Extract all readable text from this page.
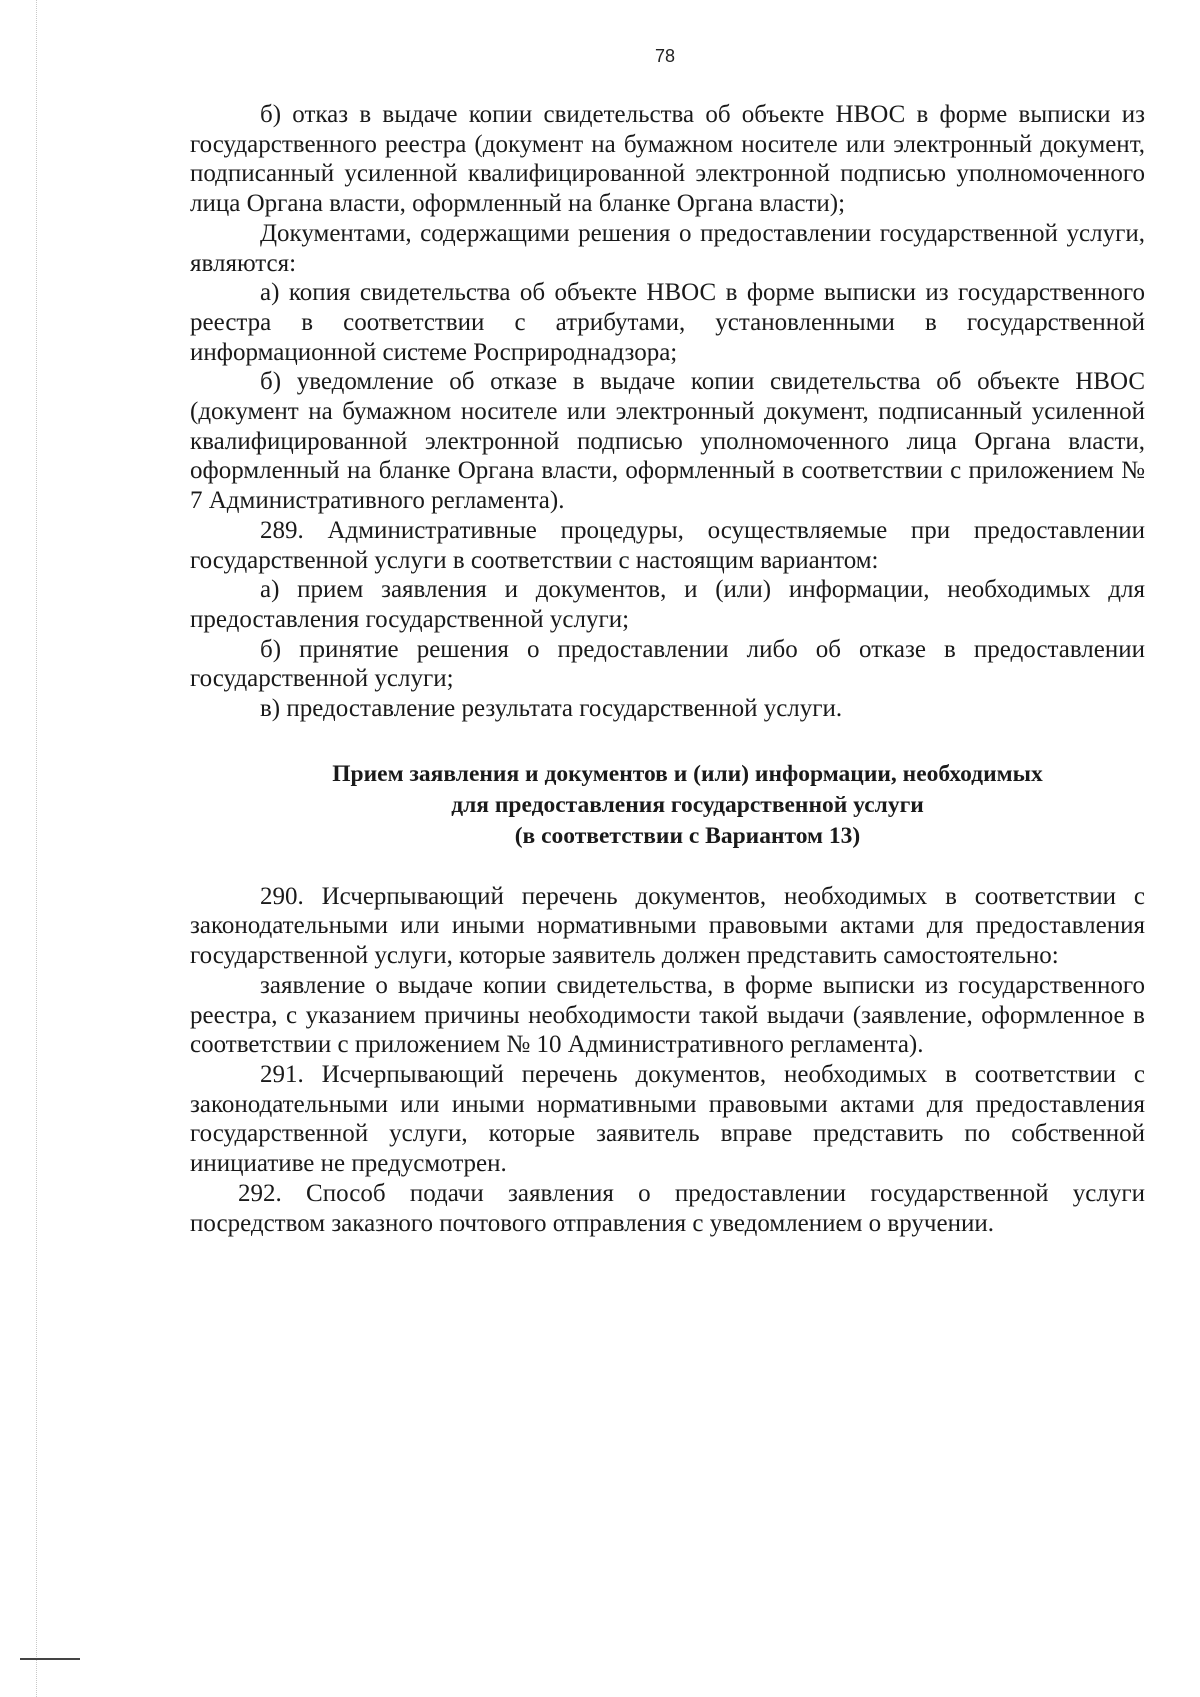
78

б) отказ в выдаче копии свидетельства об объекте НВОС в форме выписки из государственного реестра (документ на бумажном носителе или электронный документ, подписанный усиленной квалифицированной электронной подписью уполномоченного лица Органа власти, оформленный на бланке Органа власти);

Документами, содержащими решения о предоставлении государственной услуги, являются:

а) копия свидетельства об объекте НВОС в форме выписки из государственного реестра в соответствии с атрибутами, установленными в государственной информационной системе Росприроднадзора;

б) уведомление об отказе в выдаче копии свидетельства об объекте НВОС (документ на бумажном носителе или электронный документ, подписанный усиленной квалифицированной электронной подписью уполномоченного лица Органа власти, оформленный на бланке Органа власти, оформленный в соответствии с приложением № 7 Административного регламента).

289. Административные процедуры, осуществляемые при предоставлении государственной услуги в соответствии с настоящим вариантом:

а) прием заявления и документов, и (или) информации, необходимых для предоставления государственной услуги;

б) принятие решения о предоставлении либо об отказе в предоставлении государственной услуги;

в) предоставление результата государственной услуги.

Прием заявления и документов и (или) информации, необходимых
для предоставления государственной услуги
(в соответствии с Вариантом 13)

290. Исчерпывающий перечень документов, необходимых в соответствии с законодательными или иными нормативными правовыми актами для предоставления государственной услуги, которые заявитель должен представить самостоятельно:

заявление о выдаче копии свидетельства, в форме выписки из государственного реестра, с указанием причины необходимости такой выдачи (заявление, оформленное в соответствии с приложением № 10 Административного регламента).

291. Исчерпывающий перечень документов, необходимых в соответствии с законодательными или иными нормативными правовыми актами для предоставления государственной услуги, которые заявитель вправе представить по собственной инициативе не предусмотрен.

292. Способ подачи заявления о предоставлении государственной услуги посредством заказного почтового отправления с уведомлением о вручении.
